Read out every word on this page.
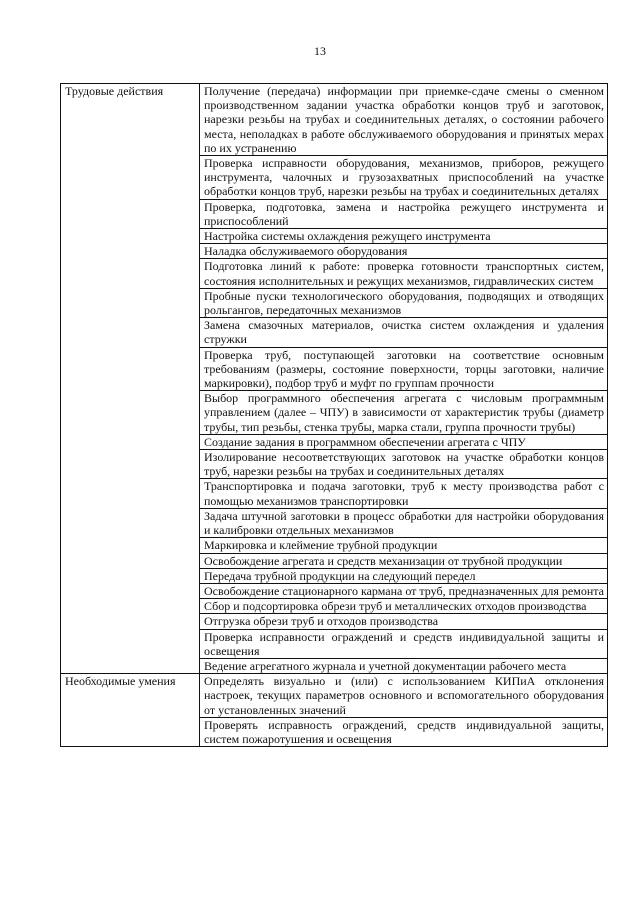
13
Трудовые действия	Получение (передача) информации при приемке-сдаче смены о сменном производственном задании участка обработки концов труб и заготовок, нарезки резьбы на трубах и соединительных деталях, о состоянии рабочего места, неполадках в работе обслуживаемого оборудования и принятых мерах по их устранению
	Проверка исправности оборудования, механизмов, приборов, режущего инструмента, чалочных и грузозахватных приспособлений на участке обработки концов труб, нарезки резьбы на трубах и соединительных деталях
	Проверка, подготовка, замена и настройка режущего инструмента и приспособлений
	Настройка системы охлаждения режущего инструмента
	Наладка обслуживаемого оборудования
	Подготовка линий к работе: проверка готовности транспортных систем, состояния исполнительных и режущих механизмов, гидравлических систем
	Пробные пуски технологического оборудования, подводящих и отводящих рольгангов, передаточных механизмов
	Замена смазочных материалов, очистка систем охлаждения и удаления стружки
	Проверка труб, поступающей заготовки на соответствие основным требованиям (размеры, состояние поверхности, торцы заготовки, наличие маркировки), подбор труб и муфт по группам прочности
	Выбор программного обеспечения агрегата с числовым программным управлением (далее – ЧПУ) в зависимости от характеристик трубы (диаметр трубы, тип резьбы, стенка трубы, марка стали, группа прочности трубы)
	Создание задания в программном обеспечении агрегата с ЧПУ
	Изолирование несоответствующих заготовок на участке обработки концов труб, нарезки резьбы на трубах и соединительных деталях
	Транспортировка и подача заготовки, труб к месту производства работ с помощью механизмов транспортировки
	Задача штучной заготовки в процесс обработки для настройки оборудования и калибровки отдельных механизмов
	Маркировка и клеймение трубной продукции
	Освобождение агрегата и средств механизации от трубной продукции
	Передача трубной продукции на следующий передел
	Освобождение стационарного кармана от труб, предназначенных для ремонта
	Сбор и подсортировка обрези труб и металлических отходов производства
	Отгрузка обрези труб и отходов производства
	Проверка исправности ограждений и средств индивидуальной защиты и освещения
	Ведение агрегатного журнала и учетной документации рабочего места
Необходимые умения	Определять визуально и (или) с использованием КИПиА отклонения настроек, текущих параметров основного и вспомогательного оборудования от установленных значений
	Проверять исправность ограждений, средств индивидуальной защиты, систем пожаротушения и освещения
